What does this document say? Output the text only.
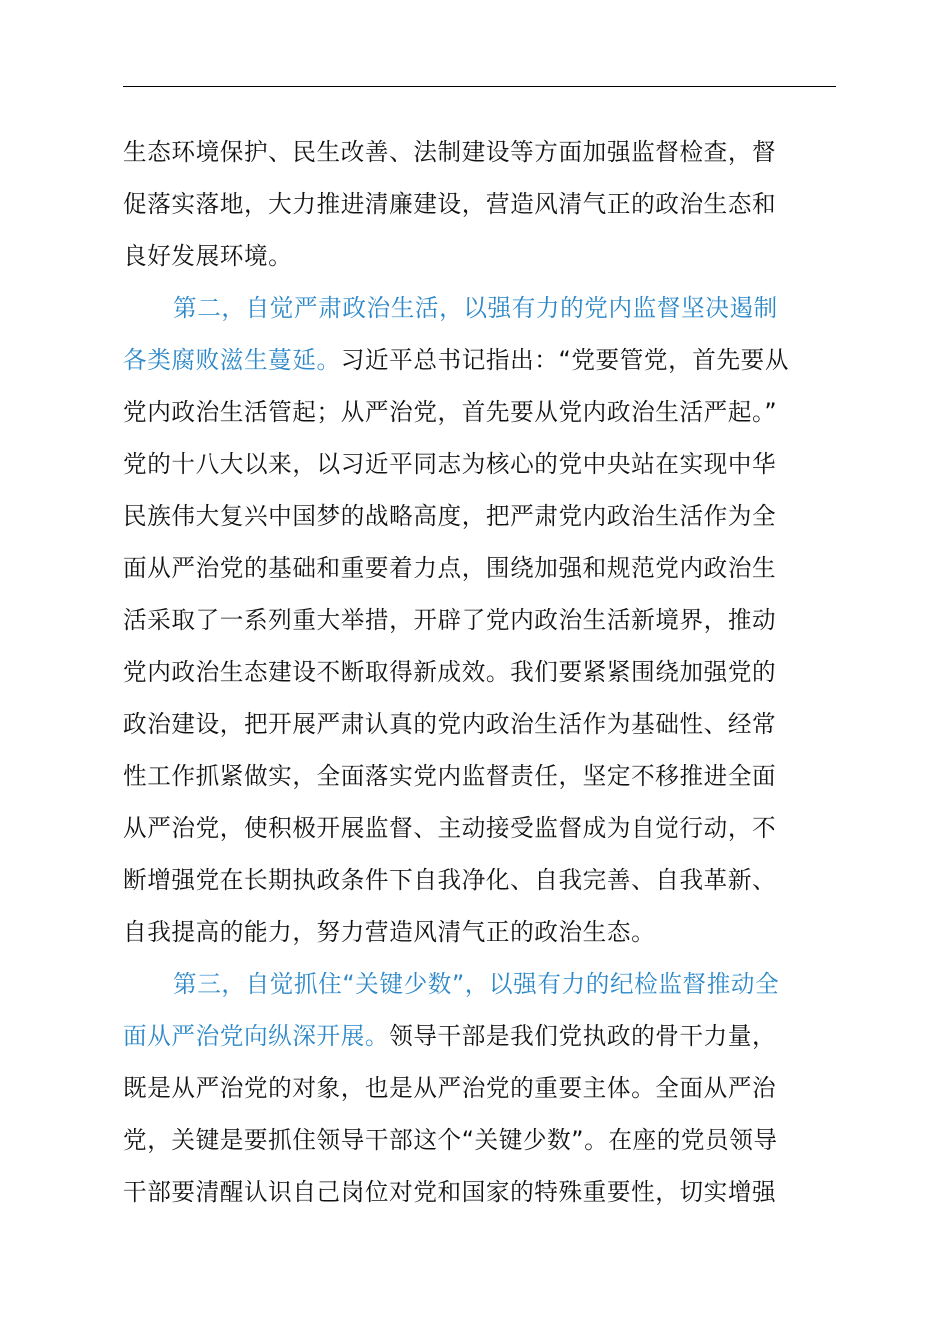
生态环境保护、民生改善、法制建设等方面加强监督检查，督
促落实落地，大力推进清廉建设，营造风清气正的政治生态和
良好发展环境。
第二，自觉严肃政治生活，以强有力的党内监督坚决遏制
各类腐败滋生蔓延。习近平总书记指出：“党要管党，首先要从
党内政治生活管起；从严治党，首先要从党内政治生活严起。”
党的十八大以来，以习近平同志为核心的党中央站在实现中华
民族伟大复兴中国梦的战略高度，把严肃党内政治生活作为全
面从严治党的基础和重要着力点，围绕加强和规范党内政治生
活采取了一系列重大举措，开辟了党内政治生活新境界，推动
党内政治生态建设不断取得新成效。我们要紧紧围绕加强党的
政治建设，把开展严肃认真的党内政治生活作为基础性、经常
性工作抓紧做实，全面落实党内监督责任，坚定不移推进全面
从严治党，使积极开展监督、主动接受监督成为自觉行动，不
断增强党在长期执政条件下自我净化、自我完善、自我革新、
自我提高的能力，努力营造风清气正的政治生态。
第三，自觉抓住“关键少数”，以强有力的纪检监督推动全
面从严治党向纵深开展。领导干部是我们党执政的骨干力量，
既是从严治党的对象，也是从严治党的重要主体。全面从严治
党，关键是要抓住领导干部这个“关键少数”。在座的党员领导
干部要清醒认识自己岗位对党和国家的特殊重要性，切实增强
